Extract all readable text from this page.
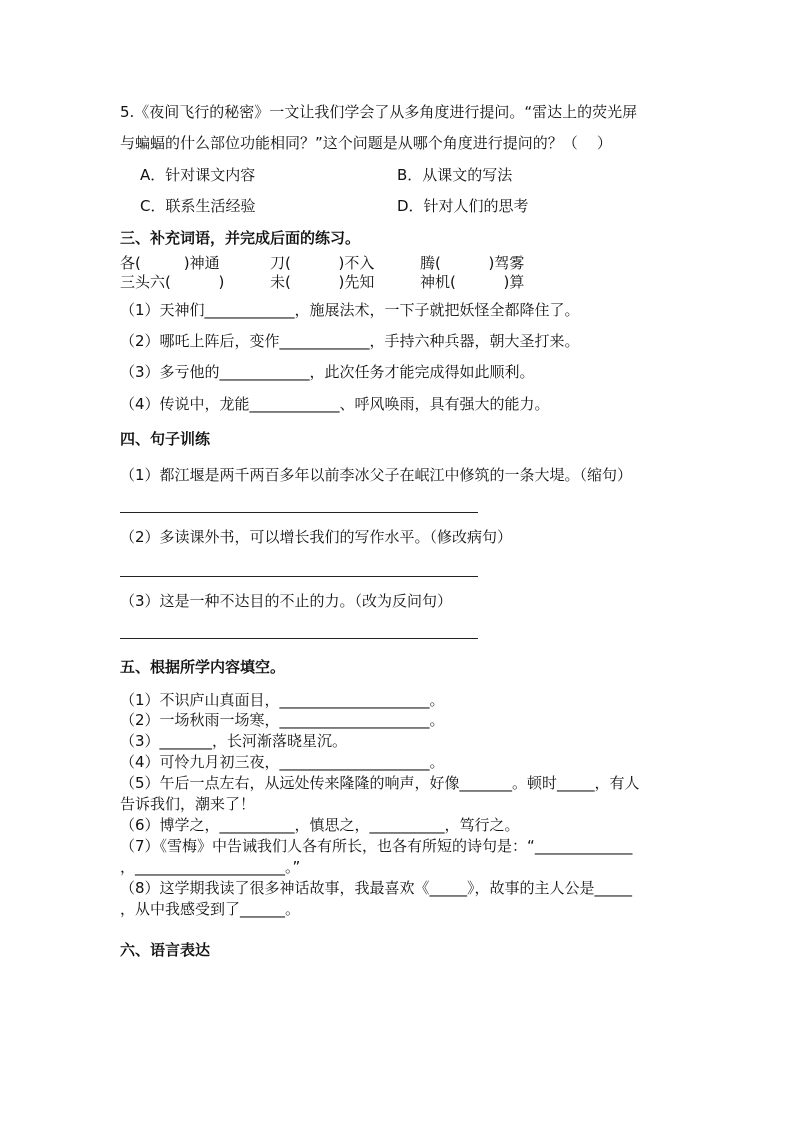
5.《夜间飞行的秘密》一文让我们学会了从多角度进行提问。“雷达上的荧光屏
与蝙蝠的什么部位功能相同？”这个问题是从哪个角度进行提问的？（    ）
A．针对课文内容	B．从课文的写法
C．联系生活经验	D．针对人们的思考
三、补充词语，并完成后面的练习。
各(         )神通	刀(          )不入	腾(          )驾雾
三头六(          )	未(          )先知	神机(          )算
（1）天神们____________，施展法术，一下子就把妖怪全都降住了。
（2）哪吒上阵后，变作____________，手持六种兵器，朝大圣打来。
（3）多亏他的____________，此次任务才能完成得如此顺利。
（4）传说中，龙能____________、呼风唤雨，具有强大的能力。
四、句子训练
（1）都江堰是两千两百多年以前李冰父子在岷江中修筑的一条大堤。（缩句）
（2）多读课外书，可以增长我们的写作水平。（修改病句）
（3）这是一种不达目的不止的力。（改为反问句）
五、根据所学内容填空。
（1）不识庐山真面目，____________________。
（2）一场秋雨一场寒，____________________。
（3）_______，长河渐落晓星沉。
（4）可怜九月初三夜，____________________。
（5）午后一点左右，从远处传来隆隆的响声，好像_______。顿时_____，有人
告诉我们，潮来了！
（6）博学之，__________，慎思之，__________，笃行之。
（7）《雪梅》中告诫我们人各有所长，也各有所短的诗句是：“_____________
，____________________。”
（8）这学期我读了很多神话故事，我最喜欢《_____》，故事的主人公是_____
，从中我感受到了______。
六、语言表达
